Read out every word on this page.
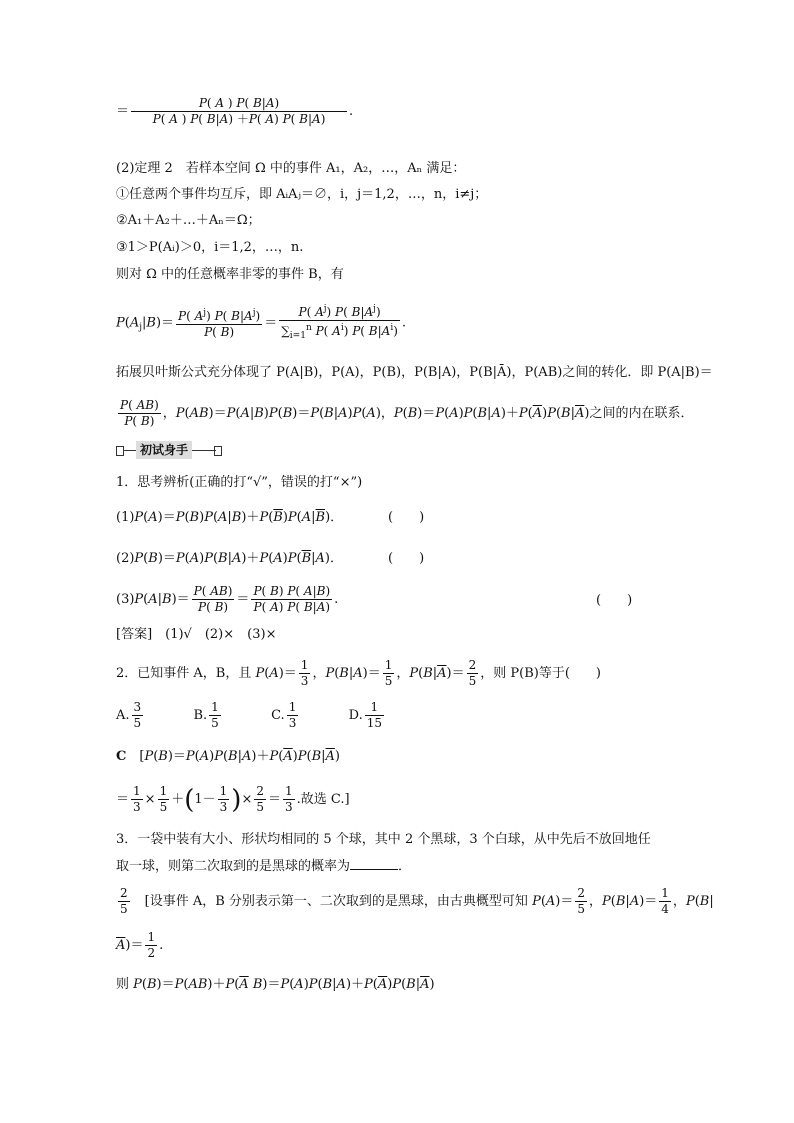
＝ $\frac{P( A ) P( B|A)}{P( A ) P( B|A) +P( \overline{A}) P( B|\overline{A})}$ .
(2)定理 2　若样本空间 Ω 中的事件 A₁，A₂，…，Aₙ 满足：
①任意两个事件均互斥，即 AᵢAⱼ＝∅，i，j＝1,2，…，n，i≠j；
②A₁＋A₂＋…＋Aₙ＝Ω；
③1＞P(Aᵢ)＞0，i＝1,2，…，n.
则对 Ω 中的任意概率非零的事件 B，有
$P(A_j|B)= \frac{P( A^j) P( B|A^j)}{P( B)} = \frac{P( A^j) P( B|A^j)}{\sum_{i=1}^n P( A^i) P( B|A^i)}$ .
拓展贝叶斯公式充分体现了 P(A|B)，P(A)，P(B)，P(B|A)，P(B|Ā)，P(AB)之间的转化．即 P(A|B)＝
$\frac{P( AB)}{P( B)}$ ，P(AB)＝P(A|B)P(B)＝P(B|A)P(A)，$P(B)=P(A)P(B|A)+P(\overline{A})P(B|\overline{A})$之间的内在联系．
初试身手
1．思考辨析(正确的打“√”，错误的打“×”)
$(1)P(A)=P(B)P(A|B)+P(\overline{B})P(A|\overline{B})$．	(　　)
$(2)P(B)=P(A)P(B|A)+P(A)P(\overline{B}|A)$．	(　　)
$(3)P(A|B)= \frac{P( AB)}{P( B)} = \frac{P( B) P( A|B)}{P( A) P( B|A)}$ .	(　　)
[答案]　(1)√　(2)×　(3)×
2．已知事件 A，B，且 $P(A)= \frac{1}{3}$ ，$P(B|A)= \frac{1}{5}$ ，$P(B|\overline{A})= \frac{2}{5}$ ，则 P(B)等于(　　)
A. $\frac{3}{5}$	B. $\frac{1}{5}$	C. $\frac{1}{3}$	D. $\frac{1}{15}$
C　[$P(B)=P(A)P(B|A)+P(\overline{A})P(B|\overline{A})$
＝ $\frac{1}{3} \times \frac{1}{5} +(1- \frac{1}{3}$ )× $\frac{2}{5} = \frac{1}{3}$ .故选 C.]
3．一袋中装有大小、形状均相同的 5 个球，其中 2 个黑球，3 个白球，从中先后不放回地任
取一球，则第二次取到的是黑球的概率为	．
$\frac{2}{5}$
　 [设事件 A，B 分别表示第一、二次取到的是黑球，由古典概型可知 $P(A)= \frac{2}{5}$ ，$P(B|A)= \frac{1}{4}$ ，P(B|
$\overline{A})= \frac{1}{2}$ .
则 $P(B)=P(AB)+P(\overline{A}$ $B)=P(A)P(B|A)+P(\overline{A})P(B|\overline{A})$
